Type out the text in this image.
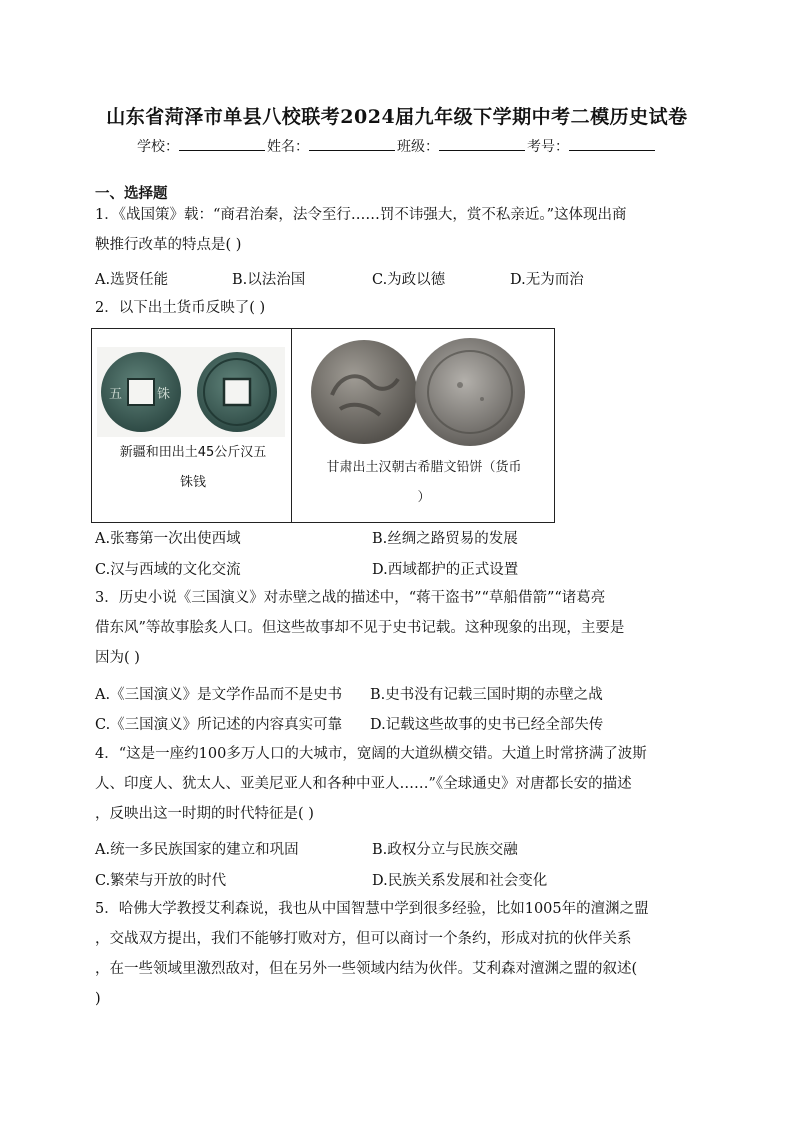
山东省菏泽市单县八校联考2024届九年级下学期中考二模历史试卷
学校：	姓名：	班级：	考号：
一、选择题
1．《战国策》载：“商君治秦，法令至行……罚不讳强大，赏不私亲近。”这体现出商
鞅推行改革的特点是( )
A.选贤任能	B.以法治国	C.为政以德	D.无为而治
2．以下出土货币反映了( )
五	铢
新疆和田出土45公斤汉五
铢钱
甘肃出土汉朝古希腊文铅饼（货币
）
A.张骞第一次出使西域	B.丝绸之路贸易的发展
C.汉与西域的文化交流	D.西域都护的正式设置
3．历史小说《三国演义》对赤壁之战的描述中，“蒋干盗书”“草船借箭”“诸葛亮
借东风”等故事脍炙人口。但这些故事却不见于史书记载。这种现象的出现，主要是
因为( )
A.《三国演义》是文学作品而不是史书 B.史书没有记载三国时期的赤壁之战
C.《三国演义》所记述的内容真实可靠 D.记载这些故事的史书已经全部失传
4．“这是一座约100多万人口的大城市，宽阔的大道纵横交错。大道上时常挤满了波斯
人、印度人、犹太人、亚美尼亚人和各种中亚人……”《全球通史》对唐都长安的描述
，反映出这一时期的时代特征是( )
A.统一多民族国家的建立和巩固	B.政权分立与民族交融
C.繁荣与开放的时代	D.民族关系发展和社会变化
5．哈佛大学教授艾利森说，我也从中国智慧中学到很多经验，比如1005年的澶渊之盟
，交战双方提出，我们不能够打败对方，但可以商讨一个条约，形成对抗的伙伴关系
，在一些领域里激烈敌对，但在另外一些领域内结为伙伴。艾利森对澶渊之盟的叙述(
)
